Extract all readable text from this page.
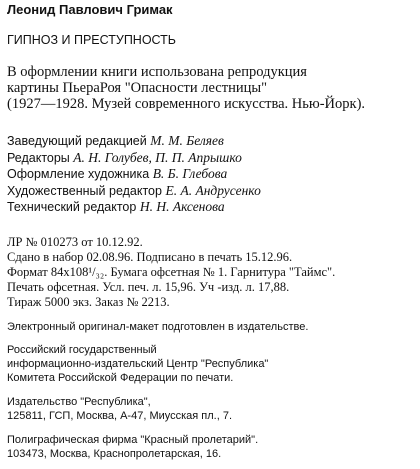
Леонид Павлович Гримак

ГИПНОЗ И ПРЕСТУПНОСТЬ

В оформлении книги использована репродукция
картины ПьераРоя "Опасности лестницы"
(1927—1928. Музей современного искусства. Нью-Йорк).
Заведующий редакцией М. М. Беляев
Редакторы А. Н. Голубев, П. П. Апрышко
Оформление художника В. Б. Глебова
Художественный редактор Е. А. Андрусенко
Технический редактор Н. Н. Аксенова
ЛР № 010273 от 10.12.92.
Сдано в набор 02.08.96. Подписано в печать 15.12.96.
Формат 84x108¹/₃₂. Бумага офсетная № 1. Гарнитура "Таймс".
Печать офсетная. Усл. печ. л. 15,96. Уч -изд. л. 17,88.
Тираж 5000 экз. Заказ № 2213.
Электронный оригинал-макет подготовлен в издательстве.
Российский государственный
информационно-издательский Центр "Республика"
Комитета Российской Федерации по печати.
Издательство "Республика",
125811, ГСП, Москва, А-47, Миусская пл., 7.
Полиграфическая фирма "Красный пролетарий".
103473, Москва, Краснопролетарская, 16.
